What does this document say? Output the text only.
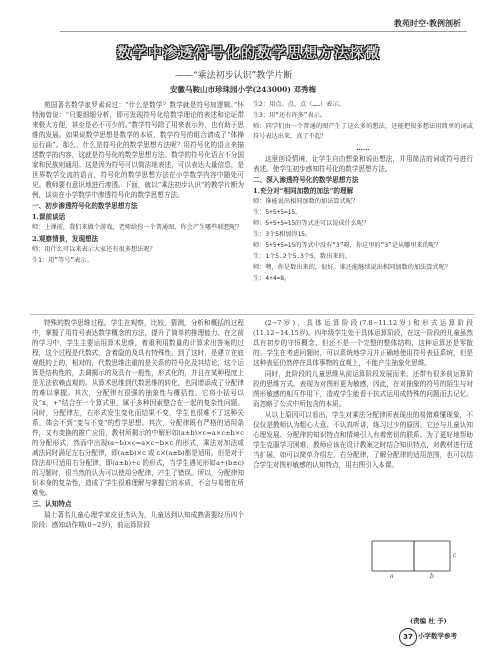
教苑时空·教例剖析
数学中渗透符号化的数学思想方法探微
——“乘法初步认识”教学片断
安徽马鞍山市珍珠园小学(243000) 邓秀梅

苑国著名数学家罗素说过：“什么是数学？数学就是符号加逻辑。”怀特海曾说：“只要细细分析，即可发现符号化给数学理论的表述和论证带来极大方便，甚至是必不可少的。”数学符号除了用来表示外，也有助于思维的发展。如果说数学思想是数学的本质，数学符号的组合请成了“体操运行曲”。那么，什么是符号化的数学思想方法呢？用符号化的语言来描述数学的内容，这就是符号化的数学思想方法。数学的符号化语言不分国家和民族则通用。这是因为符号可以简洁地表述，可以表达大量信息，是世界数学交流的语言，符号化的数学思想方法在小学数学内容中随处可见。教师要有意识地进行渗透。下面，就以“乘法初步认识”的教学片断为例，谈谈在小学数学中渗透符号化的数学思想方法。

一、初步渗透符号化的数学思想方法

1.课前谈话

师：上课前，我们来做个游戏，老师给你一个普通图，你会产生哪些联想呢？

2.观察情景，发现想法

师：用什么可以来表示大家还有很多想法呢？

生1：用“等号”表示。

生2：用点、点、点（……）表示。

生3：用“还有许多”表示。

师：同学们由一个普通的图产生了这么多的想法，还能把很多想法用简单的词或符号表达出来，真了不起！

……

这里创设情境，让学生自由想象和说出想法，并用简洁的词或符号进行表述。使学生初步感知符号化的数学思想方法。

二、深入渗透符号化的数学思想方法

1.充分对“相同加数的加法”的理解

师：谁能说出相同加数的加法算式呢？

生：5+5+5=15。

师：5+5+5=15的等式还可以说成什么呢？

生：3个5相加得15。

师：5+5+5=15的等式中没有“3”呀，你这里的“3”是从哪里来的呢？

生：1个5.2个5.3个5，数出来的。

师：噢，你是数出来的，很好。谁还能继续说出相同加数的加法算式呢？

生：4+4=8。

特殊的数学思维过程。学生在观察，比较，猜测，分析和概括的过程中，掌握了用符号表达数学概念的方法，提升了简单的推理能力。在之前的学习中，学生主要运用算术思维，着重利用数量的计算求出答案的过程，这个过程是代数式，含着隐的及具有特殊性。到了这时，是建立在底观纸的上的，相对的，代数思维注重的是关系的符号化及其结论，这个运算是结构性的，去调揭示的及具有一般性，形式化的，并且在某种程度上是无法依赖直观的。从算术思维到代数思维的转化，也同增添成了分配律的难以掌握。其次，分配律有很强的抽象性与概括性，它将小括号以及“x，+”结合在一个算式里，属于多种因素整合在一起的复杂性问题。同时，分配律左，右形式发生变化而结果不变，学生也很难不了这种关系，体会不到“变与不变”的哲学思想。其次，分配律既有严格的适用条件，又有变换的推广应用，教材所揭示的中解形如(a±b)×c=a×c±b×c的分配形式，然而中出现(a−b)×c=a×c−b×c 的形式，乘法对加法或减法同时满足左右分配律，即(a±b)×c 或 c×(a±b)都是适用。但是对于除法却只适用右分配律，即(a±b)÷c 的形式，当学生遇见形如a÷(b±c)的习题时，很当然的认为可以使用分配律，产生了错误。所以，分配律知识本身的复杂性，造成了学生很难理解与掌握它的本质，不会与易错在所难免。

三、认知特点

瑞士著名儿童心理学家皮亚杰认为，儿童达到认知成熟需要经历四个阶段：感知动作期(0−2岁)，前运算阶段

(2−7岁)，具体运算阶段(7.8−11.12岁)和形式运算阶段(11.12−14.15岁)。四年级学生处于具体运算阶段，在这一阶段的儿童虽然具有初步的守恒概念，但还不是一个完整的整体结构，这种运算还是零散的。学生在考虑问题时，可以系统地学习并正确地使用符号表征系统，但是这种表征仍然停在具体事物的直观上，不能产生抽象化思维。

同时，此阶段的儿童思维从前运算阶段发展而来，还带有很多前运算阶段的思维方式。表现为对图形更为敏感，因此，在对抽象的符号的陌生与对图形敏感的相互作用下，造成学生能看于抗式运用成特殊的问题而去记忆。而忽略了公式中所包含的本质。

从以上原因可以看出，学生对乘法分配律所表现出的易错难懂现象，不仅仅是教师认为粗心大意、不认真听讲，练习过少的原因，它还与儿童认知心理发展、分配律的知识特点和情境引入有着密切的联系。为了更好地帮助学生克服学习困难，教师应该在设计教案之时结合知识特点，对教材进行适当扩展，如可以简单介绍左、右分配律，了解分配律的适用范围，也可以结合学生对图形敏感的认知特点，用右图引入本课。

a	b
c
(责编 杜 予)
37 小学数学参考
